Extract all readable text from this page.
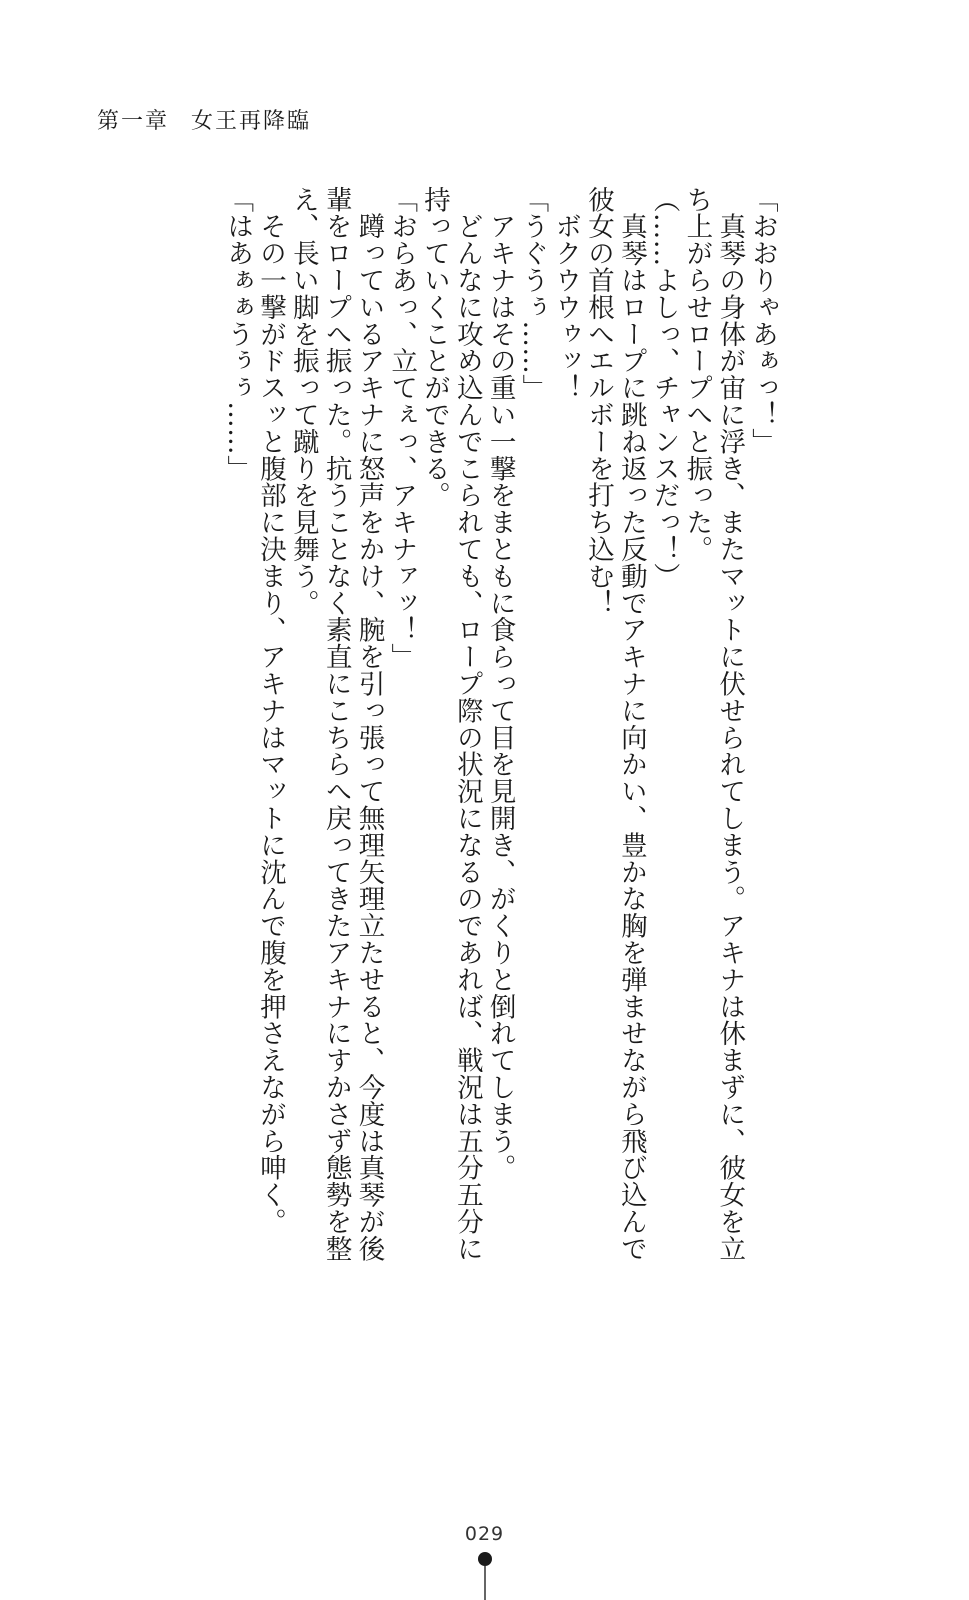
第一章 女王再降臨

「おおりゃあぁっ！」

　真琴の身体が宙に浮き、またマットに伏せられてしまう。アキナは休まずに、彼女を立

ち上がらせロープへと振った。

（……よしっ、チャンスだっ！）

　真琴はロープに跳ね返った反動でアキナに向かい、豊かな胸を弾ませながら飛び込んで

彼女の首根へエルボーを打ち込む！

　ボクウウゥッ！

「うぐうぅ……」

　アキナはその重い一撃をまともに食らって目を見開き、がくりと倒れてしまう。

　どんなに攻め込んでこられても、ロープ際の状況になるのであれば、戦況は五分五分に

持っていくことができる。

「おらあっ、立てぇっ、アキナァッ！」

　蹲っているアキナに怒声をかけ、腕を引っ張って無理矢理立たせると、今度は真琴が後

輩をロープへ振った。抗うことなく素直にこちらへ戻ってきたアキナにすかさず態勢を整

え、長い脚を振って蹴りを見舞う。

　その一撃がドスッと腹部に決まり、アキナはマットに沈んで腹を押さえながら呻く。

「はあぁぁうぅぅ……」

029
